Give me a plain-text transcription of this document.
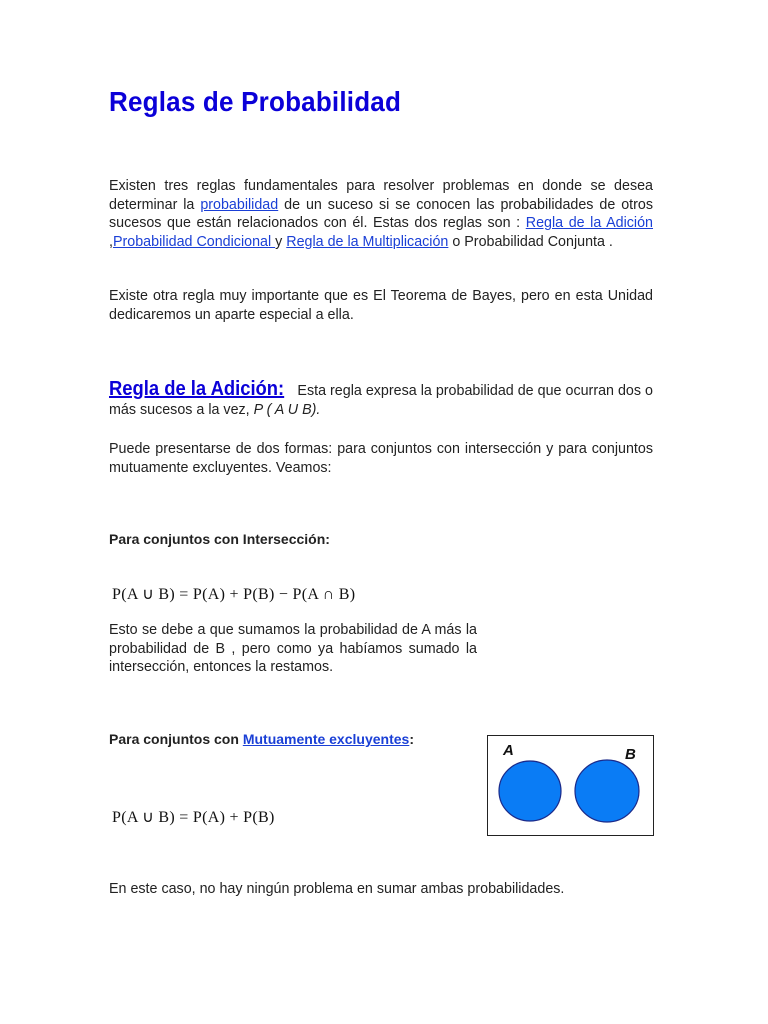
Reglas de Probabilidad

Existen tres reglas fundamentales para resolver problemas en donde se desea determinar la probabilidad de un suceso si se conocen las probabilidades de otros sucesos que están relacionados con él. Estas dos reglas son : Regla de la Adición ,Probabilidad Condicional y Regla de la Multiplicación o Probabilidad Conjunta .

Existe otra regla muy importante que es El Teorema de Bayes, pero en esta Unidad dedicaremos un aparte especial a ella.

Regla de la Adición: Esta regla expresa la probabilidad de que ocurran dos o más sucesos a la vez, P ( A U B).

Puede presentarse de dos formas: para conjuntos con intersección y para conjuntos mutuamente excluyentes. Veamos:

Para conjuntos con Intersección:

P(A ∪ B) = P(A) + P(B) − P(A ∩ B)

Esto se debe a que sumamos la probabilidad de A más la probabilidad de B , pero como ya habíamos sumado la intersección, entonces la restamos.

Para conjuntos con Mutuamente excluyentes:

A	B

P(A ∪ B) = P(A) + P(B)

En este caso, no hay ningún problema en sumar ambas probabilidades.
